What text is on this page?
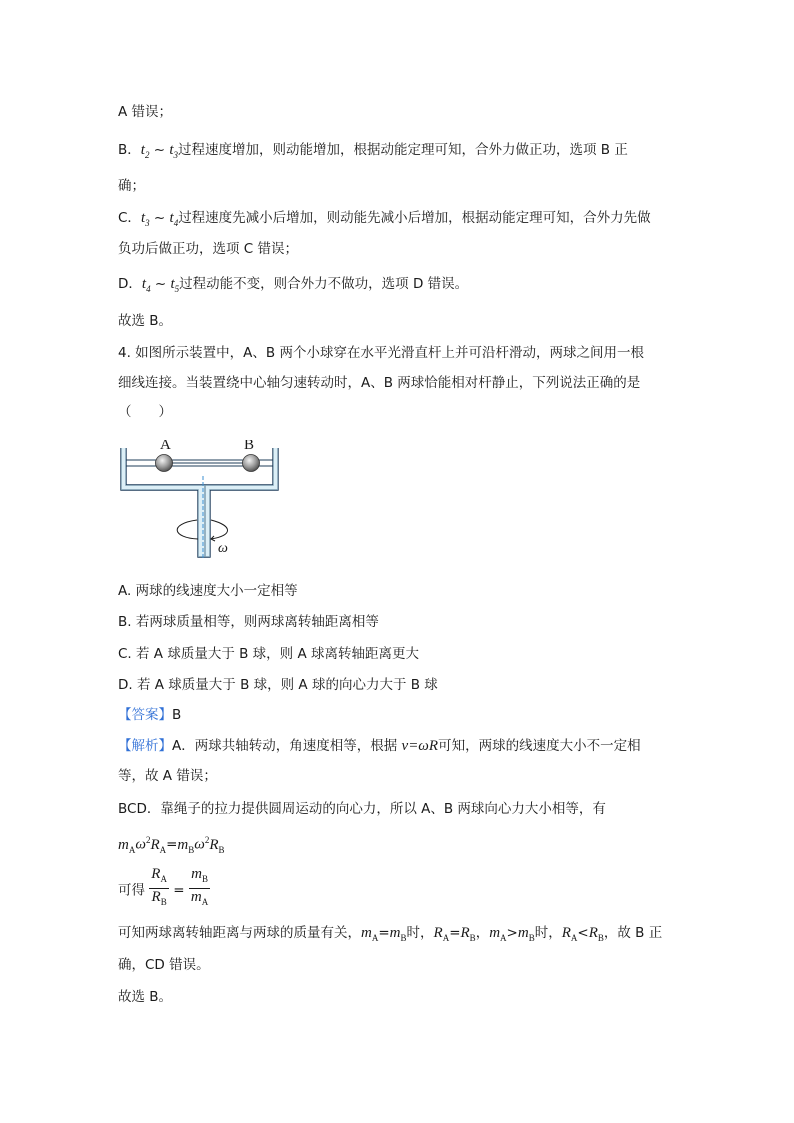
A 错误；
B．$t_2$ ~ $t_3$过程速度增加，则动能增加，根据动能定理可知，合外力做正功，选项 B 正
确；
C．$t_3$ ~ $t_4$过程速度先减小后增加，则动能先减小后增加，根据动能定理可知，合外力先做
负功后做正功，选项 C 错误；
D．$t_4$ ~ $t_5$过程动能不变，则合外力不做功，选项 D 错误。
故选 B。
4. 如图所示装置中，A、B 两个小球穿在水平光滑直杆上并可沿杆滑动，两球之间用一根
细线连接。当装置绕中心轴匀速转动时，A、B 两球恰能相对杆静止，下列说法正确的是
（　　）
A	B
ω
A. 两球的线速度大小一定相等
B. 若两球质量相等，则两球离转轴距离相等
C. 若 A 球质量大于 B 球，则 A 球离转轴距离更大
D. 若 A 球质量大于 B 球，则 A 球的向心力大于 B 球
【答案】B
【解析】A．两球共轴转动，角速度相等，根据 v=ωR可知，两球的线速度大小不一定相
等，故 A 错误；
BCD．靠绳子的拉力提供圆周运动的向心力，所以 A、B 两球向心力大小相等，有
$m_A\omega^2R_A=m_B\omega^2R_B$
可得 $\frac{R_A}{R_B} = \frac{m_B}{m_A}$
可知两球离转轴距离与两球的质量有关，$m_A=m_B$时，$R_A=R_B$，$m_A>m_B$时，$R_A<R_B$，故 B 正
确，CD 错误。
故选 B。
